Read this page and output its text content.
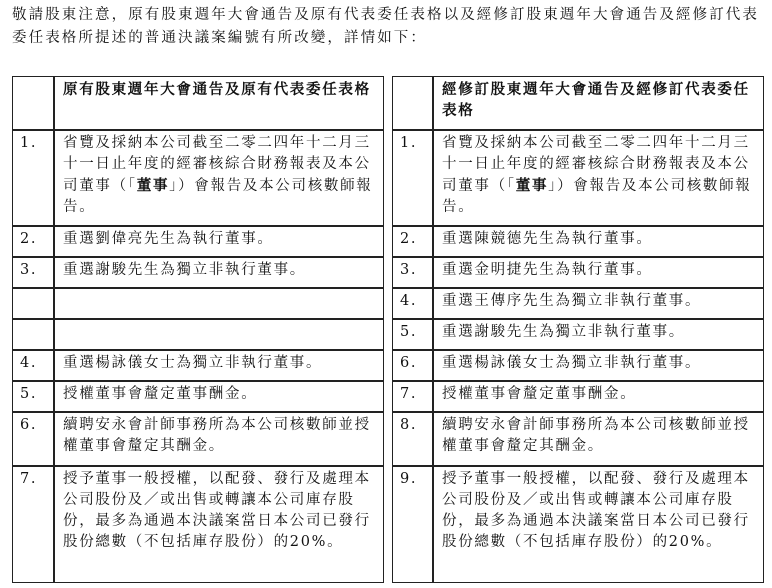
敬請股東注意，原有股東週年大會通告及原有代表委任表格以及經修訂股東週年大會通告及經修訂代表委任表格所提述的普通決議案編號有所改變，詳情如下：

	原有股東週年大會通告及原有代表委任表格			經修訂股東週年大會通告及經修訂代表委任表格

1.	省覽及採納本公司截至二零二四年十二月三十一日止年度的經審核綜合財務報表及本公司董事（「董事」）會報告及本公司核數師報告。		1.	省覽及採納本公司截至二零二四年十二月三十一日止年度的經審核綜合財務報表及本公司董事（「董事」）會報告及本公司核數師報告。

2.	重選劉偉亮先生為執行董事。		2.	重選陳競德先生為執行董事。

3.	重選謝駿先生為獨立非執行董事。		3.	重選金明捷先生為執行董事。

			4.	重選王傳序先生為獨立非執行董事。

			5.	重選謝駿先生為獨立非執行董事。

4.	重選楊詠儀女士為獨立非執行董事。		6.	重選楊詠儀女士為獨立非執行董事。

5.	授權董事會釐定董事酬金。		7.	授權董事會釐定董事酬金。

6.	續聘安永會計師事務所為本公司核數師並授權董事會釐定其酬金。		8.	續聘安永會計師事務所為本公司核數師並授權董事會釐定其酬金。

7.	授予董事一般授權，以配發、發行及處理本公司股份及／或出售或轉讓本公司庫存股份，最多為通過本決議案當日本公司已發行股份總數（不包括庫存股份）的20%。		9.	授予董事一般授權，以配發、發行及處理本公司股份及／或出售或轉讓本公司庫存股份，最多為通過本決議案當日本公司已發行股份總數（不包括庫存股份）的20%。
